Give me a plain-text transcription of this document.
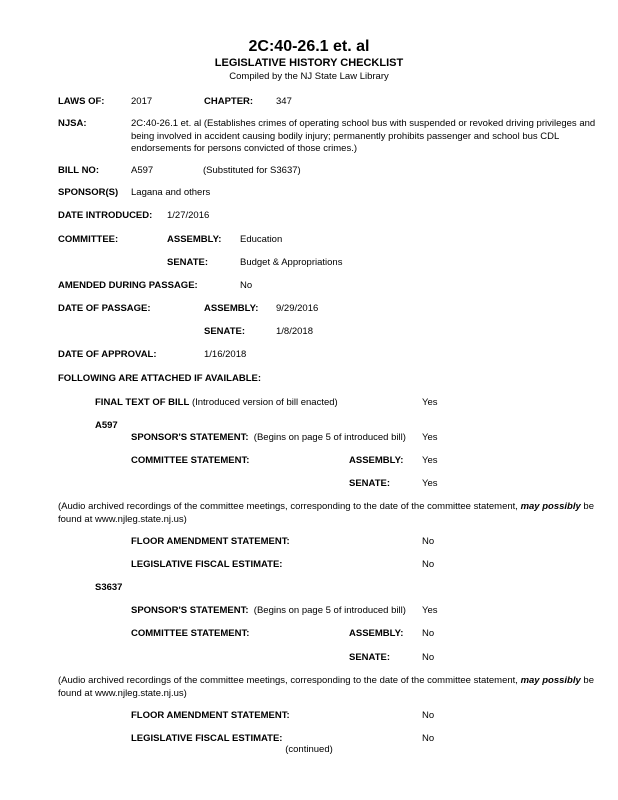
2C:40-26.1 et. al
LEGISLATIVE HISTORY CHECKLIST
Compiled by the NJ State Law Library
LAWS OF:	2017	CHAPTER: 347
NJSA:	2C:40-26.1 et. al (Establishes crimes of operating school bus with suspended or revoked driving privileges and being involved in accident causing bodily injury; permanently prohibits passenger and school bus CDL endorsements for persons convicted of those crimes.)
BILL NO:	A597	(Substituted for S3637)
SPONSOR(S) Lagana and others
DATE INTRODUCED: 1/27/2016
COMMITTEE:	ASSEMBLY: Education
SENATE:	Budget & Appropriations
AMENDED DURING PASSAGE:	No
DATE OF PASSAGE:	ASSEMBLY: 9/29/2016
SENATE:	1/8/2018
DATE OF APPROVAL:	1/16/2018
FOLLOWING ARE ATTACHED IF AVAILABLE:
FINAL TEXT OF BILL (Introduced version of bill enacted)	Yes
A597
SPONSOR'S STATEMENT: (Begins on page 5 of introduced bill) Yes
COMMITTEE STATEMENT:	ASSEMBLY: Yes
SENATE:	Yes
(Audio archived recordings of the committee meetings, corresponding to the date of the committee statement, may possibly be found at www.njleg.state.nj.us)
FLOOR AMENDMENT STATEMENT:	No
LEGISLATIVE FISCAL ESTIMATE:	No
S3637
SPONSOR'S STATEMENT: (Begins on page 5 of introduced bill) Yes
COMMITTEE STATEMENT:	ASSEMBLY: No
SENATE:	No
(Audio archived recordings of the committee meetings, corresponding to the date of the committee statement, may possibly be found at www.njleg.state.nj.us)
FLOOR AMENDMENT STATEMENT:	No
LEGISLATIVE FISCAL ESTIMATE:	No
(continued)
